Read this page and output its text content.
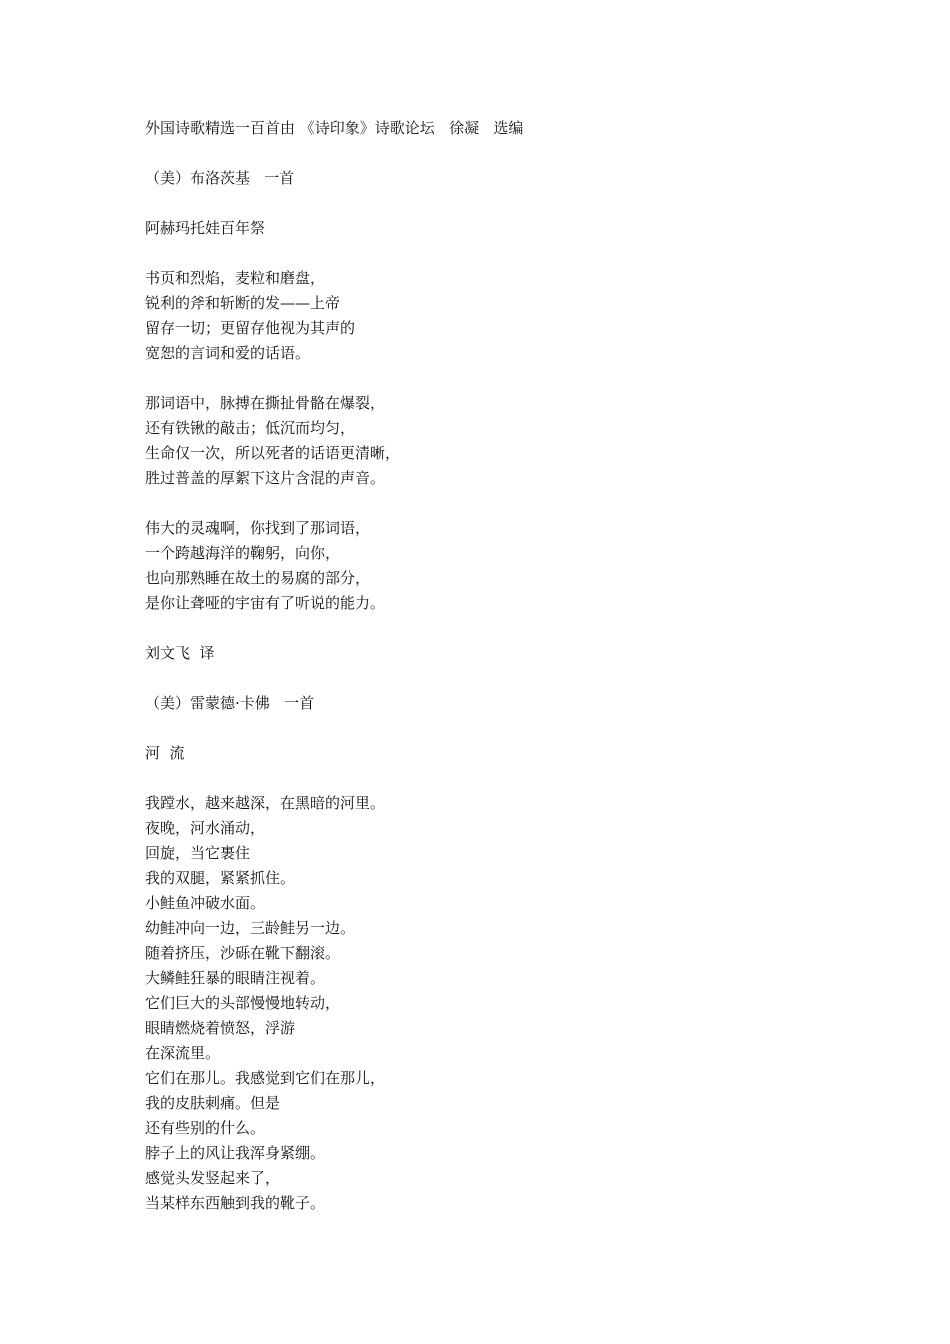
外国诗歌精选一百首由 《诗印象》诗歌论坛   徐凝   选编
（美）布洛茨基   一首
阿赫玛托娃百年祭
书页和烈焰，麦粒和磨盘，
锐利的斧和斩断的发——上帝
留存一切；更留存他视为其声的
宽恕的言词和爱的话语。
那词语中，脉搏在撕扯骨骼在爆裂，
还有铁锹的敲击；低沉而均匀，
生命仅一次，所以死者的话语更清晰，
胜过普盖的厚絮下这片含混的声音。
伟大的灵魂啊，你找到了那词语，
一个跨越海洋的鞠躬，向你，
也向那熟睡在故土的易腐的部分，
是你让聋哑的宇宙有了听说的能力。
刘文飞  译
（美）雷蒙德·卡佛   一首
河  流
我蹚水，越来越深，在黑暗的河里。
夜晚，河水涌动，
回旋，当它裹住
我的双腿，紧紧抓住。
小鲑鱼冲破水面。
幼鲑冲向一边，三龄鲑另一边。
随着挤压，沙砾在靴下翻滚。
大鳞鲑狂暴的眼睛注视着。
它们巨大的头部慢慢地转动，
眼睛燃烧着愤怒，浮游
在深流里。
它们在那儿。我感觉到它们在那儿，
我的皮肤刺痛。但是
还有些别的什么。
脖子上的风让我浑身紧绷。
感觉头发竖起来了，
当某样东西触到我的靴子。
